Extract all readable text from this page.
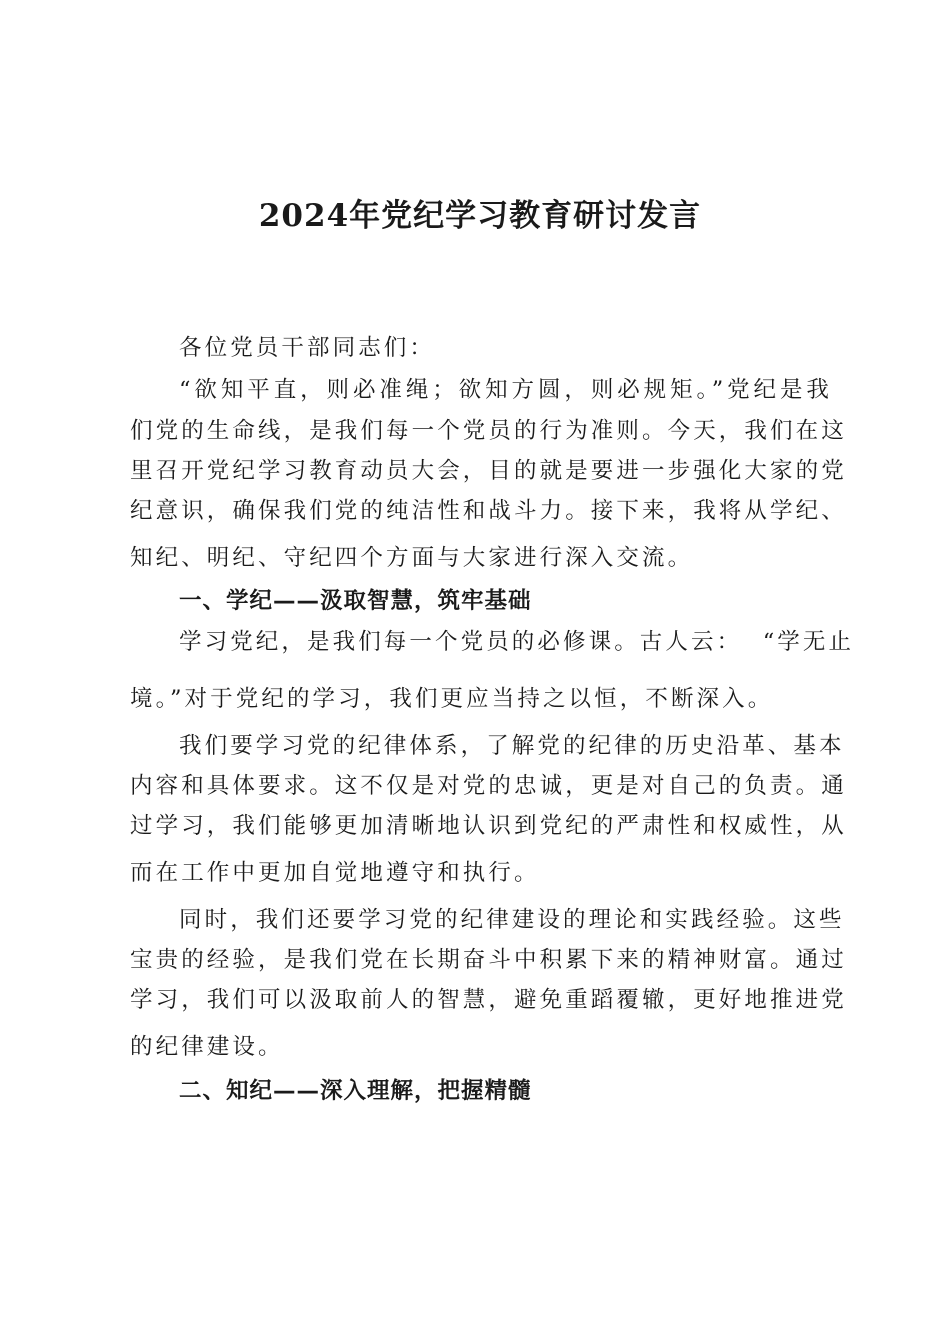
2024年党纪学习教育研讨发言
各位党员干部同志们：
“欲知平直，则必准绳；欲知方圆，则必规矩。”党纪是我
们党的生命线，是我们每一个党员的行为准则。今天，我们在这
里召开党纪学习教育动员大会，目的就是要进一步强化大家的党
纪意识，确保我们党的纯洁性和战斗力。接下来，我将从学纪、
知纪、明纪、守纪四个方面与大家进行深入交流。
一、学纪——汲取智慧，筑牢基础
学习党纪，是我们每一个党员的必修课。古人云：  “学无止
境。”对于党纪的学习，我们更应当持之以恒，不断深入。
我们要学习党的纪律体系，了解党的纪律的历史沿革、基本
内容和具体要求。这不仅是对党的忠诚，更是对自己的负责。通
过学习，我们能够更加清晰地认识到党纪的严肃性和权威性，从
而在工作中更加自觉地遵守和执行。
同时，我们还要学习党的纪律建设的理论和实践经验。这些
宝贵的经验，是我们党在长期奋斗中积累下来的精神财富。通过
学习，我们可以汲取前人的智慧，避免重蹈覆辙，更好地推进党
的纪律建设。
二、知纪——深入理解，把握精髓
